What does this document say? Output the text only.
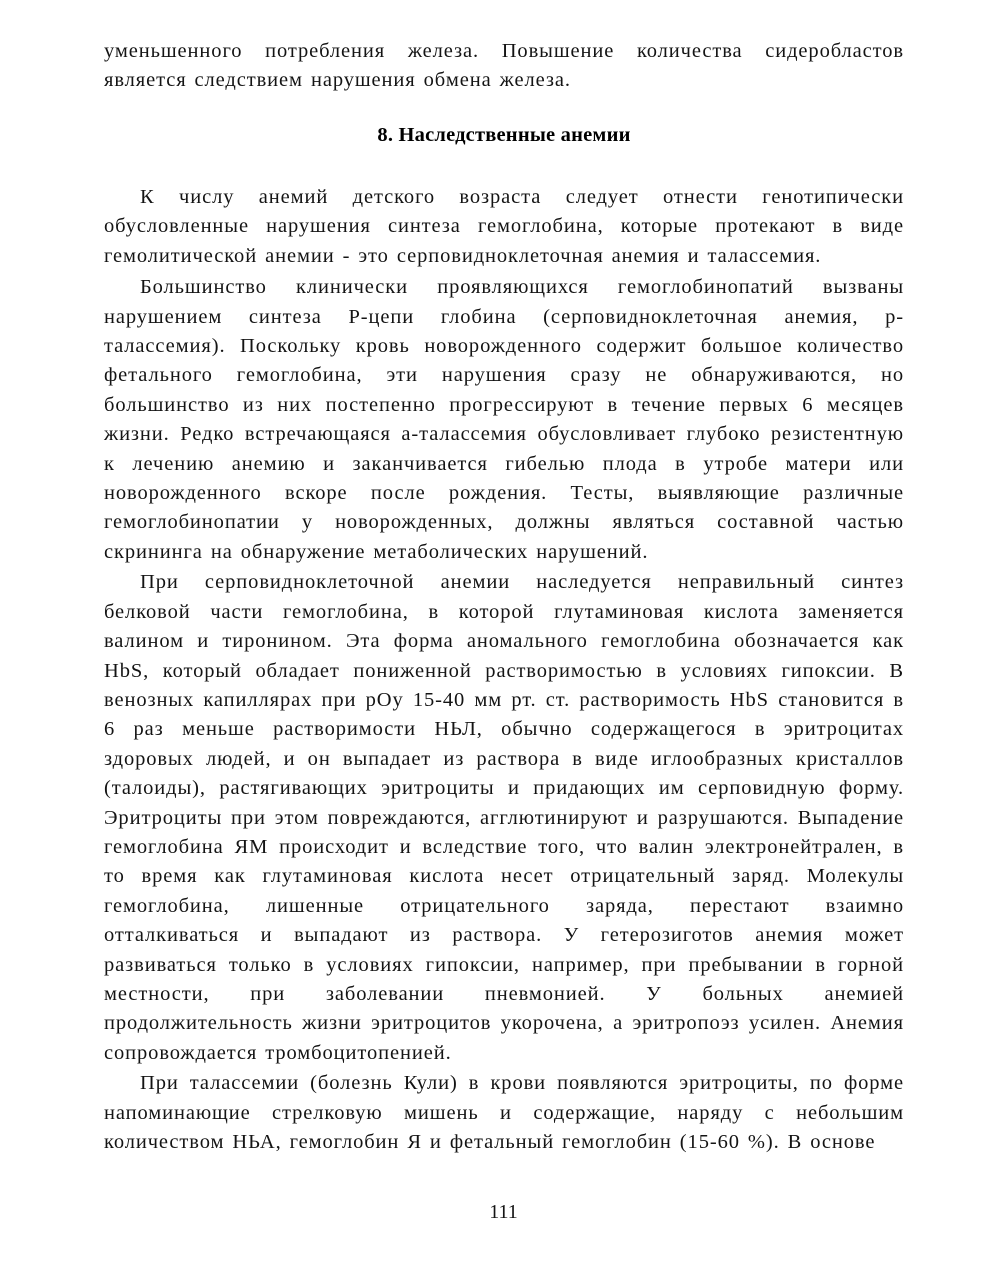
уменьшенного потребления железа. Повышение количества сидеробластов является следствием нарушения обмена железа.

8. Наследственные анемии

К числу анемий детского возраста следует отнести генотипически обусловленные нарушения синтеза гемоглобина, которые протекают в виде гемолитической анемии - это серповидноклеточная анемия и талассемия.

Большинство клинически проявляющихся гемоглобинопатий вызваны нарушением синтеза Р-цепи глобина (серповидноклеточная анемия, р-талассемия). Поскольку кровь новорожденного содержит большое количество фетального гемоглобина, эти нарушения сразу не обнаруживаются, но большинство из них постепенно прогрессируют в течение первых 6 месяцев жизни. Редко встречающаяся а-талассемия обусловливает глубоко резистентную к лечению анемию и заканчивается гибелью плода в утробе матери или новорожденного вскоре после рождения. Тесты, выявляющие различные гемоглобинопатии у новорожденных, должны являться составной частью скрининга на обнаружение метаболических нарушений.

При серповидноклеточной анемии наследуется неправильный синтез белковой части гемоглобина, в которой глутаминовая кислота заменяется валином и тиронином. Эта форма аномального гемоглобина обозначается как HbS, который обладает пониженной растворимостью в условиях гипоксии. В венозных капиллярах при pOy 15-40 мм рт. ст. растворимость HbS становится в 6 раз меньше растворимости НЬЛ, обычно содержащегося в эритроцитах здоровых людей, и он выпадает из раствора в виде иглообразных кристаллов (талоиды), растягивающих эритроциты и придающих им серповидную форму. Эритроциты при этом повреждаются, агглютинируют и разрушаются. Выпадение гемоглобина ЯМ происходит и вследствие того, что валин электронейтрален, в то время как глутаминовая кислота несет отрицательный заряд. Молекулы гемоглобина, лишенные отрицательного заряда, перестают взаимно отталкиваться и выпадают из раствора. У гетерозиготов анемия может развиваться только в условиях гипоксии, например, при пребывании в горной местности, при заболевании пневмонией. У больных анемией продолжительность жизни эритроцитов укорочена, а эритропоэз усилен. Анемия сопровождается тромбоцитопенией.

При талассемии (болезнь Кули) в крови появляются эритроциты, по форме напоминающие стрелковую мишень и содержащие, наряду с небольшим количеством НЬА, гемоглобин Я и фетальный гемоглобин (15-60 %). В основе

111
